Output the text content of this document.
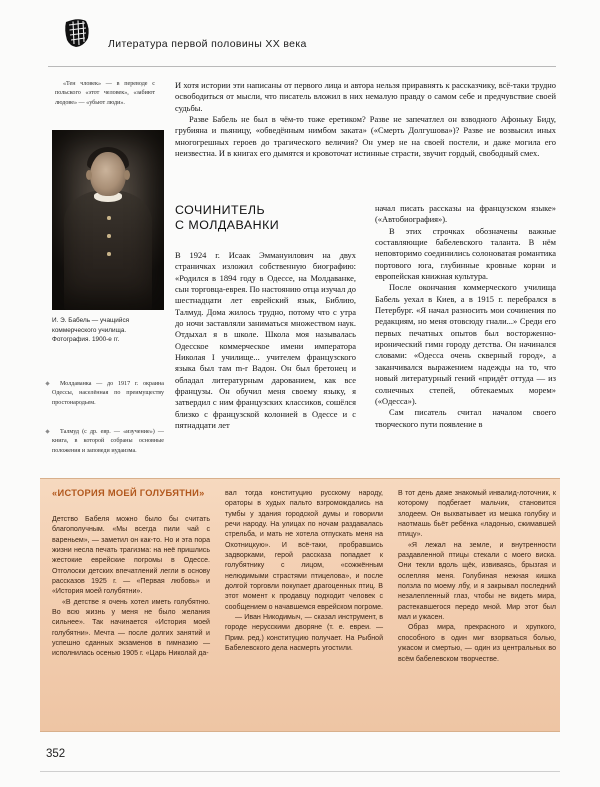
Литература первой половины XX века
«Тен чловек» — в переводе с польского «этот человек», «забиют людове» — «убьют люди».
И. Э. Бабель — учащийся коммерческого училища. Фотография. 1900-е гг.
Молдаванка — до 1917 г. окраина Одессы, населённая по преимуществу простонародьем.
Талмуд (с др. евр. — «изучение») — книга, в которой собраны основные положения и заповеди иудаизма.

И хотя истории эти написаны от первого лица и автора нельзя приравнять к рассказчику, всё-таки трудно освободиться от мысли, что писатель вложил в них немалую правду о самом себе и предчувствие своей судьбы.

Разве Бабель не был в чём-то тоже еретиком? Разве не запечатлел он взводного Афоньку Биду, грубияна и пьяницу, «обведённым нимбом заката» («Смерть Долгушова»)? Разве не возвысил иных многогрешных героев до трагического величия? Он умер не на своей постели, и даже могила его неизвестна. И в книгах его дымятся и кровоточат истинные страсти, звучит гордый, свободный смех.

СОЧИНИТЕЛЬ
С МОЛДАВАНКИ

В 1924 г. Исаак Эммануилович на двух страничках изложил собственную биографию: «Родился в 1894 году в Одессе, на Молдаванке, сын торговца-еврея. По настоянию отца изучал до шестнадцати лет еврейский язык, Библию, Талмуд. Дома жилось трудно, потому что с утра до ночи заставляли заниматься множеством наук. Отдыхал я в школе. Школа моя называлась Одесское коммерческое имени императора Николая I училище... учителем французского языка был там m-r Вадон. Он был бретонец и обладал литературным дарованием, как все французы. Он обучил меня своему языку, я затвердил с ним французских классиков, сошёлся близко с французской колонией в Одессе и с пятнадцати лет

начал писать рассказы на французском языке» («Автобиография»).

В этих строчках обозначены важные составляющие бабелевского таланта. В нём неповторимо соединились солоноватая романтика портового юга, глубинные кровные корни и европейская книжная культура.

После окончания коммерческого училища Бабель уехал в Киев, а в 1915 г. перебрался в Петербург. «Я начал разносить мои сочинения по редакциям, но меня отовсюду гнали...» Среди его первых печатных опытов был восторженно-иронический гимн городу детства. Он начинался словами: «Одесса очень скверный город», а заканчивался выражением надежды на то, что новый литературный гений «придёт оттуда — из солнечных степей, обтекаемых морем» («Одесса»).

Сам писатель считал началом своего творческого пути появление в

«ИСТОРИЯ МОЕЙ ГОЛУБЯТНИ»

Детство Бабеля можно было бы считать благополучным. «Мы всегда пили чай с вареньем», — заметил он как-то. Но и эта пора жизни несла печать трагизма: на неё пришлись жестокие еврейские погромы в Одессе. Отголоски детских впечатлений легли в основу рассказов 1925 г. — «Первая любовь» и «История моей голубятни».

«В детстве я очень хотел иметь голубятню. Во всю жизнь у меня не было желания сильнее». Так начинается «История моей голубятни». Мечта — после долгих занятий и успешно сданных экзаменов в гимназию — исполнилась осенью 1905 г. «Царь Николай да-

вал тогда конституцию русскому народу, ораторы в худых пальто взгромождались на тумбы у здания городской думы и говорили речи народу. На улицах по ночам раздавалась стрельба, и мать не хотела отпускать меня на Охотницкую». И всё-таки, пробравшись задворками, герой рассказа попадает к голубятнику с лицом, «сожжённым нелюдимыми страстями птицелова», и после долгой торговли покупает драгоценных птиц. В этот момент к продавцу подходит человек с сообщением о начавшемся еврейском погроме.

— Иван Никодимыч, — сказал инструмент, в городе нерусскими дворяне (т. е. евреи. — Прим. ред.) конституцию получает. На Рыбной Бабелевского дела насмерть угостили.

В тот день даже знакомый инвалид-лоточник, к которому подбегает мальчик, становится злодеем. Он выхватывает из мешка голубку и наотмашь бьёт ребёнка «ладонью, сжимавшей птицу».

«Я лежал на земле, и внутренности раздавленной птицы стекали с моего виска. Они текли вдоль щёк, извиваясь, брызгая и ослепляя меня. Голубиная нежная кишка ползла по моему лбу, и я закрывал последний незалепленный глаз, чтобы не видеть мира, растекавшегося передо мной. Мир этот был мал и ужасен.

Образ мира, прекрасного и хрупкого, способного в один миг взорваться болью, ужасом и смертью, — один из центральных во всём бабелевском творчестве.

352
